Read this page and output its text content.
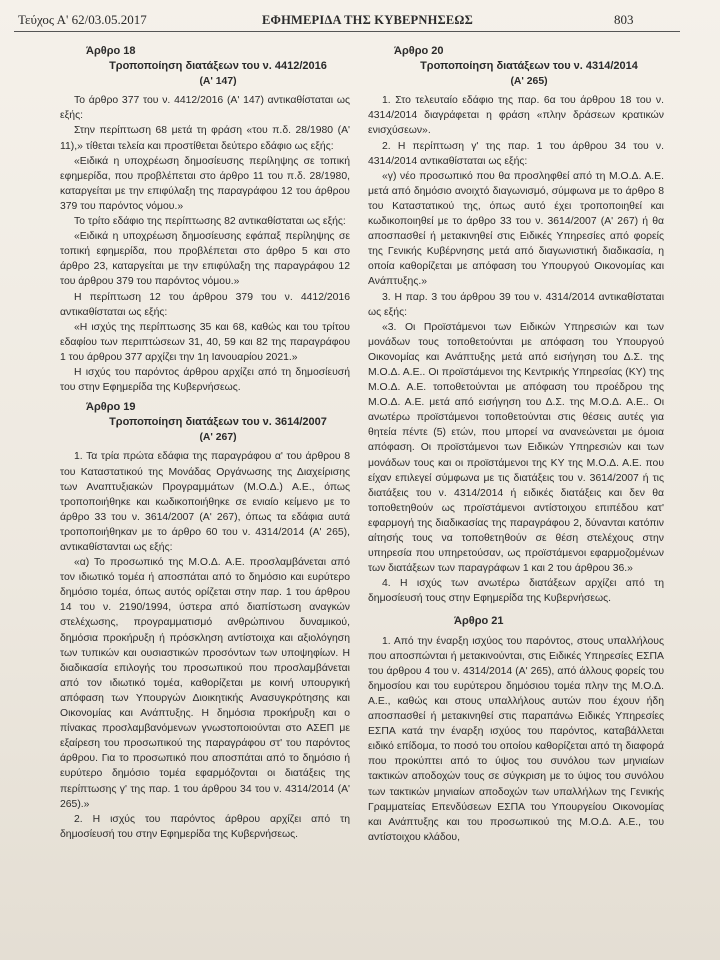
Τεύχος Α' 62/03.05.2017	ΕΦΗΜΕΡΙΔΑ ΤΗΣ ΚΥΒΕΡΝΗΣΕΩΣ	803
Άρθρο 18
Τροποποίηση διατάξεων του ν. 4412/2016
(Α' 147)

Το άρθρο 377 του ν. 4412/2016 (Α' 147) αντικαθίσταται ως εξής:

Στην περίπτωση 68 μετά τη φράση «του π.δ. 28/1980 (Α' 11),» τίθεται τελεία και προστίθεται δεύτερο εδάφιο ως εξής:

«Ειδικά η υποχρέωση δημοσίευσης περίληψης σε τοπική εφημερίδα, που προβλέπεται στο άρθρο 11 του π.δ. 28/1980, καταργείται με την επιφύλαξη της παραγράφου 12 του άρθρου 379 του παρόντος νόμου.»

Το τρίτο εδάφιο της περίπτωσης 82 αντικαθίσταται ως εξής:

«Ειδικά η υποχρέωση δημοσίευσης εφάπαξ περίληψης σε τοπική εφημερίδα, που προβλέπεται στο άρθρο 5 και στο άρθρο 23, καταργείται με την επιφύλαξη της παραγράφου 12 του άρθρου 379 του παρόντος νόμου.»

Η περίπτωση 12 του άρθρου 379 του ν. 4412/2016 αντικαθίσταται ως εξής:

«Η ισχύς της περίπτωσης 35 και 68, καθώς και του τρίτου εδαφίου των περιπτώσεων 31, 40, 59 και 82 της παραγράφου 1 του άρθρου 377 αρχίζει την 1η Ιανουαρίου 2021.»

Η ισχύς του παρόντος άρθρου αρχίζει από τη δημοσίευσή του στην Εφημερίδα της Κυβερνήσεως.

Άρθρο 19
Τροποποίηση διατάξεων του ν. 3614/2007
(Α' 267)

1. Τα τρία πρώτα εδάφια της παραγράφου α' του άρθρου 8 του Καταστατικού της Μονάδας Οργάνωσης της Διαχείρισης των Αναπτυξιακών Προγραμμάτων (Μ.Ο.Δ.) Α.Ε., όπως τροποποιήθηκε και κωδικοποιήθηκε σε ενιαίο κείμενο με το άρθρο 33 του ν. 3614/2007 (Α' 267), όπως τα εδάφια αυτά τροποποιήθηκαν με το άρθρο 60 του ν. 4314/2014 (Α' 265), αντικαθίστανται ως εξής:

«α) Το προσωπικό της Μ.Ο.Δ. Α.Ε. προσλαμβάνεται από τον ιδιωτικό τομέα ή αποσπάται από το δημόσιο και ευρύτερο δημόσιο τομέα, όπως αυτός ορίζεται στην παρ. 1 του άρθρου 14 του ν. 2190/1994, ύστερα από διαπίστωση αναγκών στελέχωσης, προγραμματισμό ανθρώπινου δυναμικού, δημόσια προκήρυξη ή πρόσκληση αντίστοιχα και αξιολόγηση των τυπικών και ουσιαστικών προσόντων των υποψηφίων. Η διαδικασία επιλογής του προσωπικού που προσλαμβάνεται από τον ιδιωτικό τομέα, καθορίζεται με κοινή υπουργική απόφαση των Υπουργών Διοικητικής Ανασυγκρότησης και Οικονομίας και Ανάπτυξης. Η δημόσια προκήρυξη και ο πίνακας προσλαμβανόμενων γνωστοποιούνται στο ΑΣΕΠ με εξαίρεση του προσωπικού της παραγράφου στ' του παρόντος άρθρου. Για το προσωπικό που αποσπάται από το δημόσιο ή ευρύτερο δημόσιο τομέα εφαρμόζονται οι διατάξεις της περίπτωσης γ' της παρ. 1 του άρθρου 34 του ν. 4314/2014 (Α' 265).»

2. Η ισχύς του παρόντος άρθρου αρχίζει από τη δημοσίευσή του στην Εφημερίδα της Κυβερνήσεως.

Άρθρο 20
Τροποποίηση διατάξεων του ν. 4314/2014
(Α' 265)

1. Στο τελευταίο εδάφιο της παρ. 6α του άρθρου 18 του ν. 4314/2014 διαγράφεται η φράση «πλην δράσεων κρατικών ενισχύσεων».

2. Η περίπτωση γ' της παρ. 1 του άρθρου 34 του ν. 4314/2014 αντικαθίσταται ως εξής:

«γ) νέο προσωπικό που θα προσληφθεί από τη Μ.Ο.Δ. Α.Ε. μετά από δημόσιο ανοιχτό διαγωνισμό, σύμφωνα με το άρθρο 8 του Καταστατικού της, όπως αυτό έχει τροποποιηθεί και κωδικοποιηθεί με το άρθρο 33 του ν. 3614/2007 (Α' 267) ή θα αποσπασθεί ή μετακινηθεί στις Ειδικές Υπηρεσίες από φορείς της Γενικής Κυβέρνησης μετά από διαγωνιστική διαδικασία, η οποία καθορίζεται με απόφαση του Υπουργού Οικονομίας και Ανάπτυξης.»

3. Η παρ. 3 του άρθρου 39 του ν. 4314/2014 αντικαθίσταται ως εξής:

«3. Οι Προϊστάμενοι των Ειδικών Υπηρεσιών και των μονάδων τους τοποθετούνται με απόφαση του Υπουργού Οικονομίας και Ανάπτυξης μετά από εισήγηση του Δ.Σ. της Μ.Ο.Δ. Α.Ε.. Οι προϊστάμενοι της Κεντρικής Υπηρεσίας (ΚΥ) της Μ.Ο.Δ. Α.Ε. τοποθετούνται με απόφαση του προέδρου της Μ.Ο.Δ. Α.Ε. μετά από εισήγηση του Δ.Σ. της Μ.Ο.Δ. Α.Ε.. Οι ανωτέρω προϊστάμενοι τοποθετούνται στις θέσεις αυτές για θητεία πέντε (5) ετών, που μπορεί να ανανεώνεται με όμοια απόφαση. Οι προϊστάμενοι των Ειδικών Υπηρεσιών και των μονάδων τους και οι προϊστάμενοι της ΚΥ της Μ.Ο.Δ. Α.Ε. που είχαν επιλεγεί σύμφωνα με τις διατάξεις του ν. 3614/2007 ή τις διατάξεις του ν. 4314/2014 ή ειδικές διατάξεις και δεν θα τοποθετηθούν ως προϊστάμενοι αντίστοιχου επιπέδου κατ' εφαρμογή της διαδικασίας της παραγράφου 2, δύνανται κατόπιν αίτησής τους να τοποθετηθούν σε θέση στελέχους στην υπηρεσία που υπηρετούσαν, ως προϊστάμενοι εφαρμοζομένων των διατάξεων των παραγράφων 1 και 2 του άρθρου 36.»

4. Η ισχύς των ανωτέρω διατάξεων αρχίζει από τη δημοσίευσή τους στην Εφημερίδα της Κυβερνήσεως.

Άρθρο 21

1. Από την έναρξη ισχύος του παρόντος, στους υπαλλήλους που αποσπώνται ή μετακινούνται, στις Ειδικές Υπηρεσίες ΕΣΠΑ του άρθρου 4 του ν. 4314/2014 (Α' 265), από άλλους φορείς του δημοσίου και του ευρύτερου δημόσιου τομέα πλην της Μ.Ο.Δ. Α.Ε., καθώς και στους υπαλλήλους αυτών που έχουν ήδη αποσπασθεί ή μετακινηθεί στις παραπάνω Ειδικές Υπηρεσίες ΕΣΠΑ κατά την έναρξη ισχύος του παρόντος, καταβάλλεται ειδικό επίδομα, το ποσό του οποίου καθορίζεται από τη διαφορά που προκύπτει από το ύψος του συνόλου των μηνιαίων τακτικών αποδοχών τους σε σύγκριση με το ύψος του συνόλου των τακτικών μηνιαίων αποδοχών των υπαλλήλων της Γενικής Γραμματείας Επενδύσεων ΕΣΠΑ του Υπουργείου Οικονομίας και Ανάπτυξης και του προσωπικού της Μ.Ο.Δ. Α.Ε., του αντίστοιχου κλάδου,
